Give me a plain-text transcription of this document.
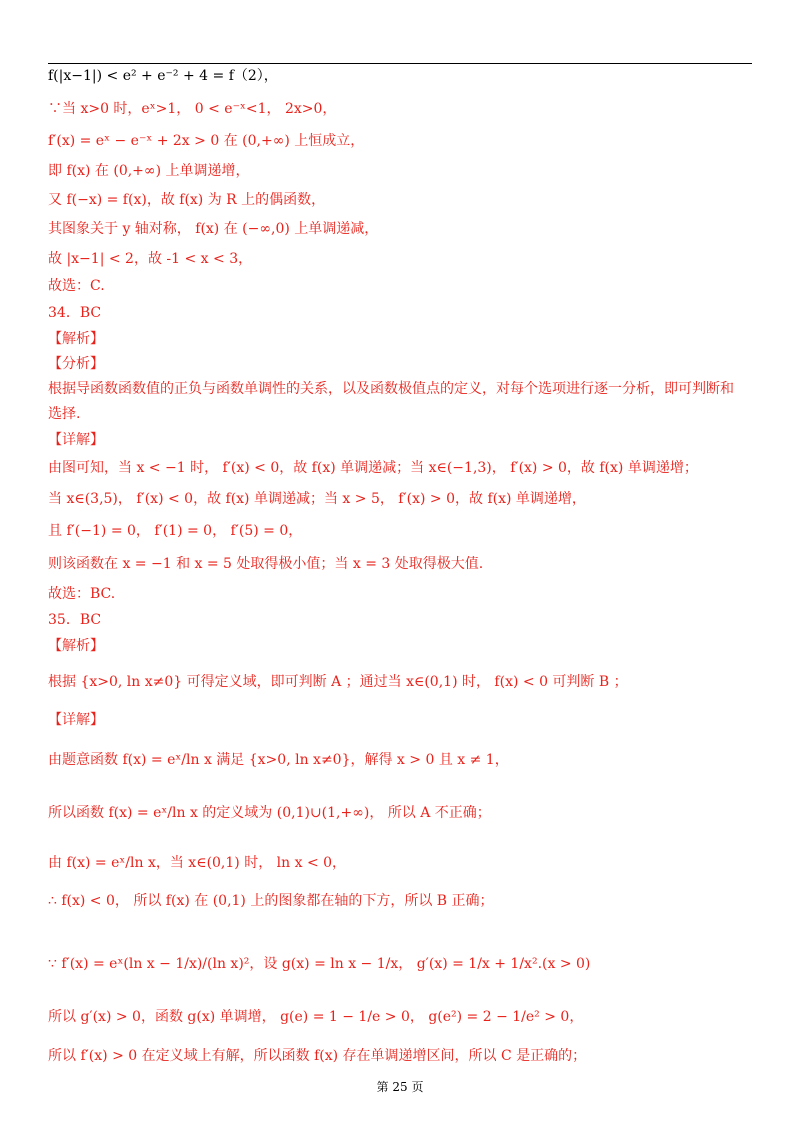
f(|x−1|) < e² + e⁻² + 4 = f（2），
∵当 x>0 时，eˣ>1， 0 < e⁻ˣ<1， 2x>0，
f′(x) = eˣ − e⁻ˣ + 2x > 0 在 (0,+∞) 上恒成立，
即 f(x) 在 (0,+∞) 上单调递增，
又 f(−x) = f(x)，故 f(x) 为 R 上的偶函数，
其图象关于 y 轴对称， f(x) 在 (−∞,0) 上单调递减，
故 |x−1| < 2，故 -1 < x < 3，
故选：C.
34．BC
【解析】
【分析】
根据导函数函数值的正负与函数单调性的关系，以及函数极值点的定义，对每个选项进行逐一分析，即可判断和
选择.
【详解】
由图可知，当 x < −1 时， f′(x) < 0，故 f(x) 单调递减；当 x∈(−1,3)， f′(x) > 0，故 f(x) 单调递增；
当 x∈(3,5)， f′(x) < 0，故 f(x) 单调递减；当 x > 5， f′(x) > 0，故 f(x) 单调递增，
且 f′(−1) = 0， f′(1) = 0， f′(5) = 0，
则该函数在 x = −1 和 x = 5 处取得极小值；当 x = 3 处取得极大值.
故选：BC.
35．BC
【解析】
根据 {x>0, ln x≠0} 可得定义域，即可判断 A ；通过当 x∈(0,1) 时， f(x) < 0 可判断 B ；
【详解】
由题意函数 f(x) = eˣ/ln x 满足 {x>0, ln x≠0}，解得 x > 0 且 x ≠ 1，
所以函数 f(x) = eˣ/ln x 的定义域为 (0,1)∪(1,+∞)， 所以 A 不正确；
由 f(x) = eˣ/ln x，当 x∈(0,1) 时， ln x < 0，
∴ f(x) < 0， 所以 f(x) 在 (0,1) 上的图象都在轴的下方，所以 B 正确；
∵ f′(x) = eˣ(ln x − 1/x)/(ln x)²，设 g(x) = ln x − 1/x， g′(x) = 1/x + 1/x².(x > 0)
所以 g′(x) > 0，函数 g(x) 单调增， g(e) = 1 − 1/e > 0， g(e²) = 2 − 1/e² > 0，
所以 f′(x) > 0 在定义域上有解，所以函数 f(x) 存在单调递增区间，所以 C 是正确的；
第 25 页
